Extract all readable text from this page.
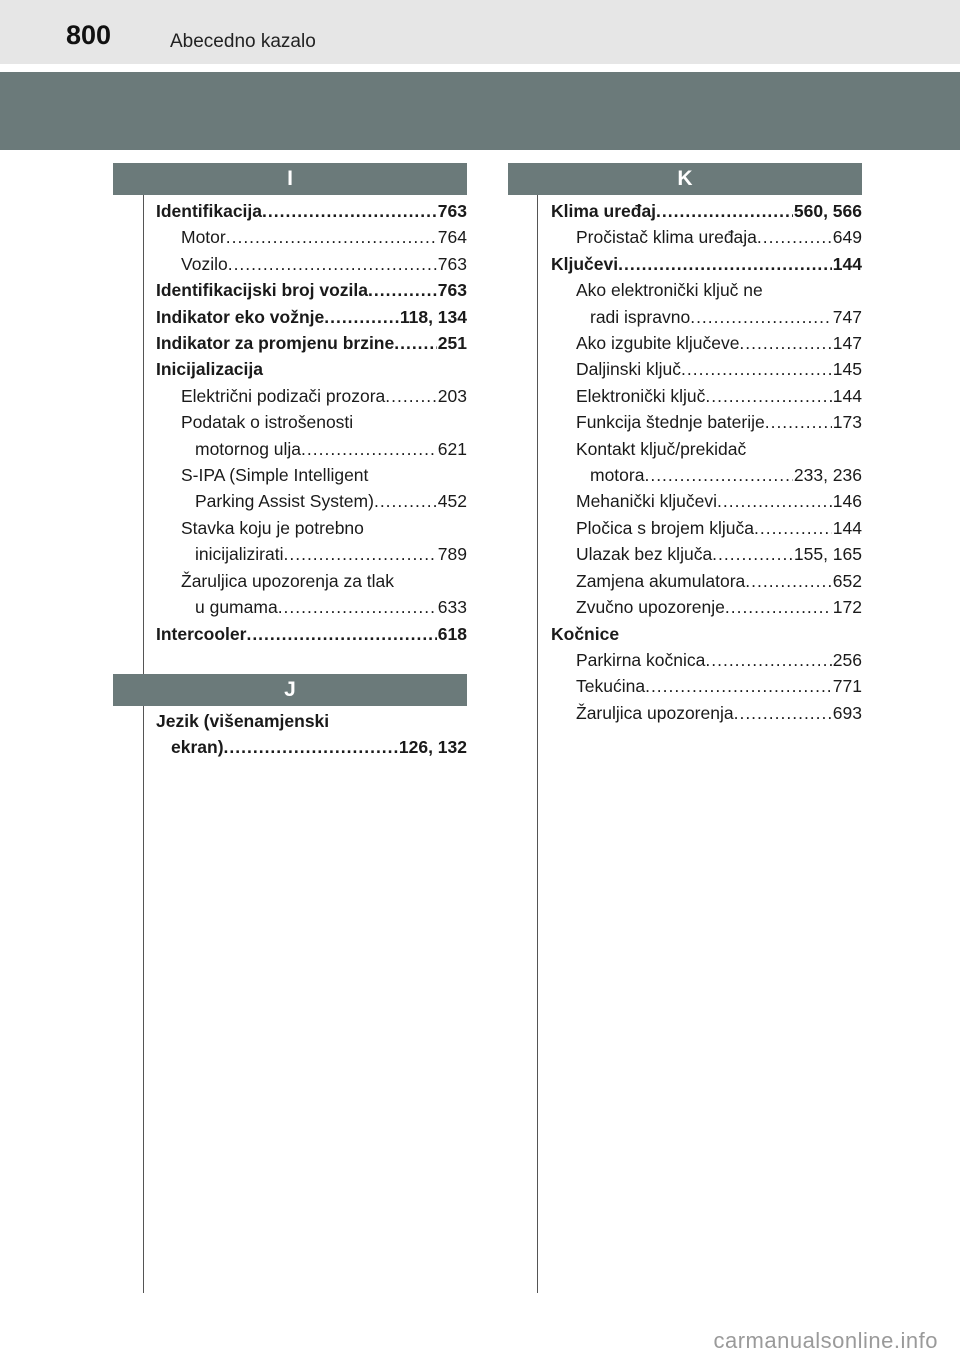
800	Abecedno kazalo
I
Identifikacija .....	763
Motor .....	764
Vozilo .....	763
Identifikacijski broj vozila .....	763
Indikator eko vožnje .....	118, 134
Indikator za promjenu brzine ..... 251
Inicijalizacija
Električni podizači prozora .....	203
Podatak o istrošenosti
motornog ulja .....	621
S-IPA (Simple Intelligent
Parking Assist System) .....	452
Stavka koju je potrebno
inicijalizirati .....	789
Žaruljica upozorenja za tlak
u gumama .....	633
Intercooler .....	618
J
Jezik (višenamjenski
ekran) .....	126, 132
K
Klima uređaj .....	560, 566
Pročistač klima uređaja .....	649
Ključevi .....	144
Ako elektronički ključ ne
radi ispravno .....	747
Ako izgubite ključeve .....	147
Daljinski ključ .....	145
Elektronički ključ .....	144
Funkcija štednje baterije .....	173
Kontakt ključ/prekidač
motora .....	233, 236
Mehanički ključevi .....	146
Pločica s brojem ključa .....	144
Ulazak bez ključa .....	155, 165
Zamjena akumulatora .....	652
Zvučno upozorenje .....	172
Kočnice
Parkirna kočnica .....	256
Tekućina .....	771
Žaruljica upozorenja .....	693
carmanualsonline.info
